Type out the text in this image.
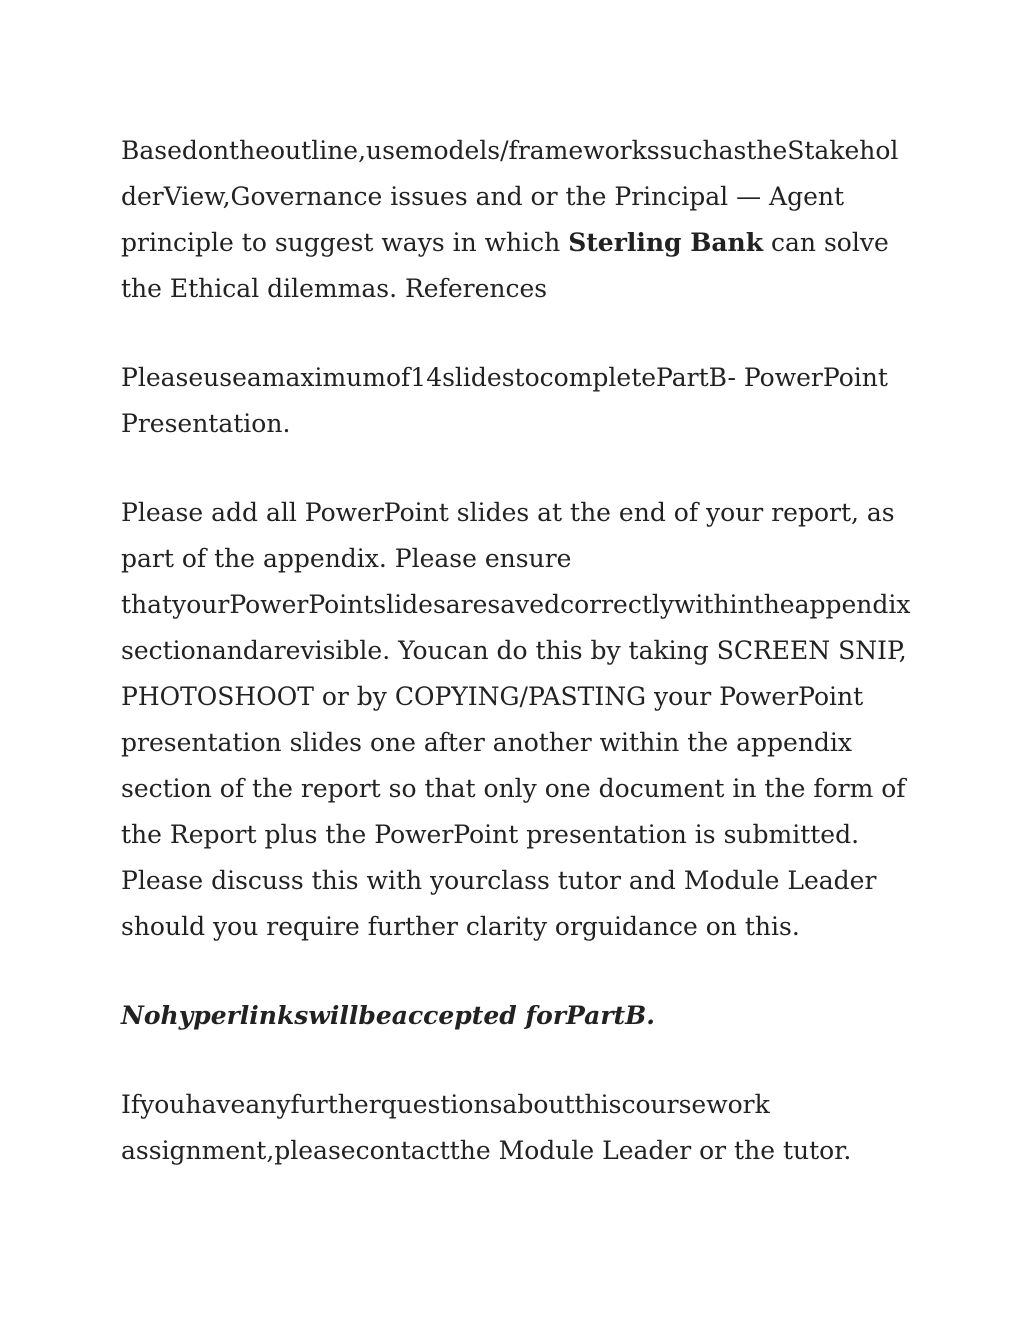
Basedontheoutline,usemodels/frameworkssuchastheStakehol
derView,Governance issues and or the Principal — Agent
principle to suggest ways in which Sterling Bank can solve
the Ethical dilemmas. References

Pleaseuseamaximumof14slidestocompletePartB- PowerPoint
Presentation.

Please add all PowerPoint slides at the end of your report, as
part of the appendix. Please ensure
thatyourPowerPointslidesaresavedcorrectlywithintheappendix
sectionandarevisible. Youcan do this by taking SCREEN SNIP,
PHOTOSHOOT or by COPYING/PASTING your PowerPoint
presentation slides one after another within the appendix
section of the report so that only one document in the form of
the Report plus the PowerPoint presentation is submitted.
Please discuss this with yourclass tutor and Module Leader
should you require further clarity orguidance on this.

Nohyperlinkswillbeaccepted forPartB.

Ifyouhaveanyfurtherquestionsaboutthiscoursework
assignment,pleasecontactthe Module Leader or the tutor.
